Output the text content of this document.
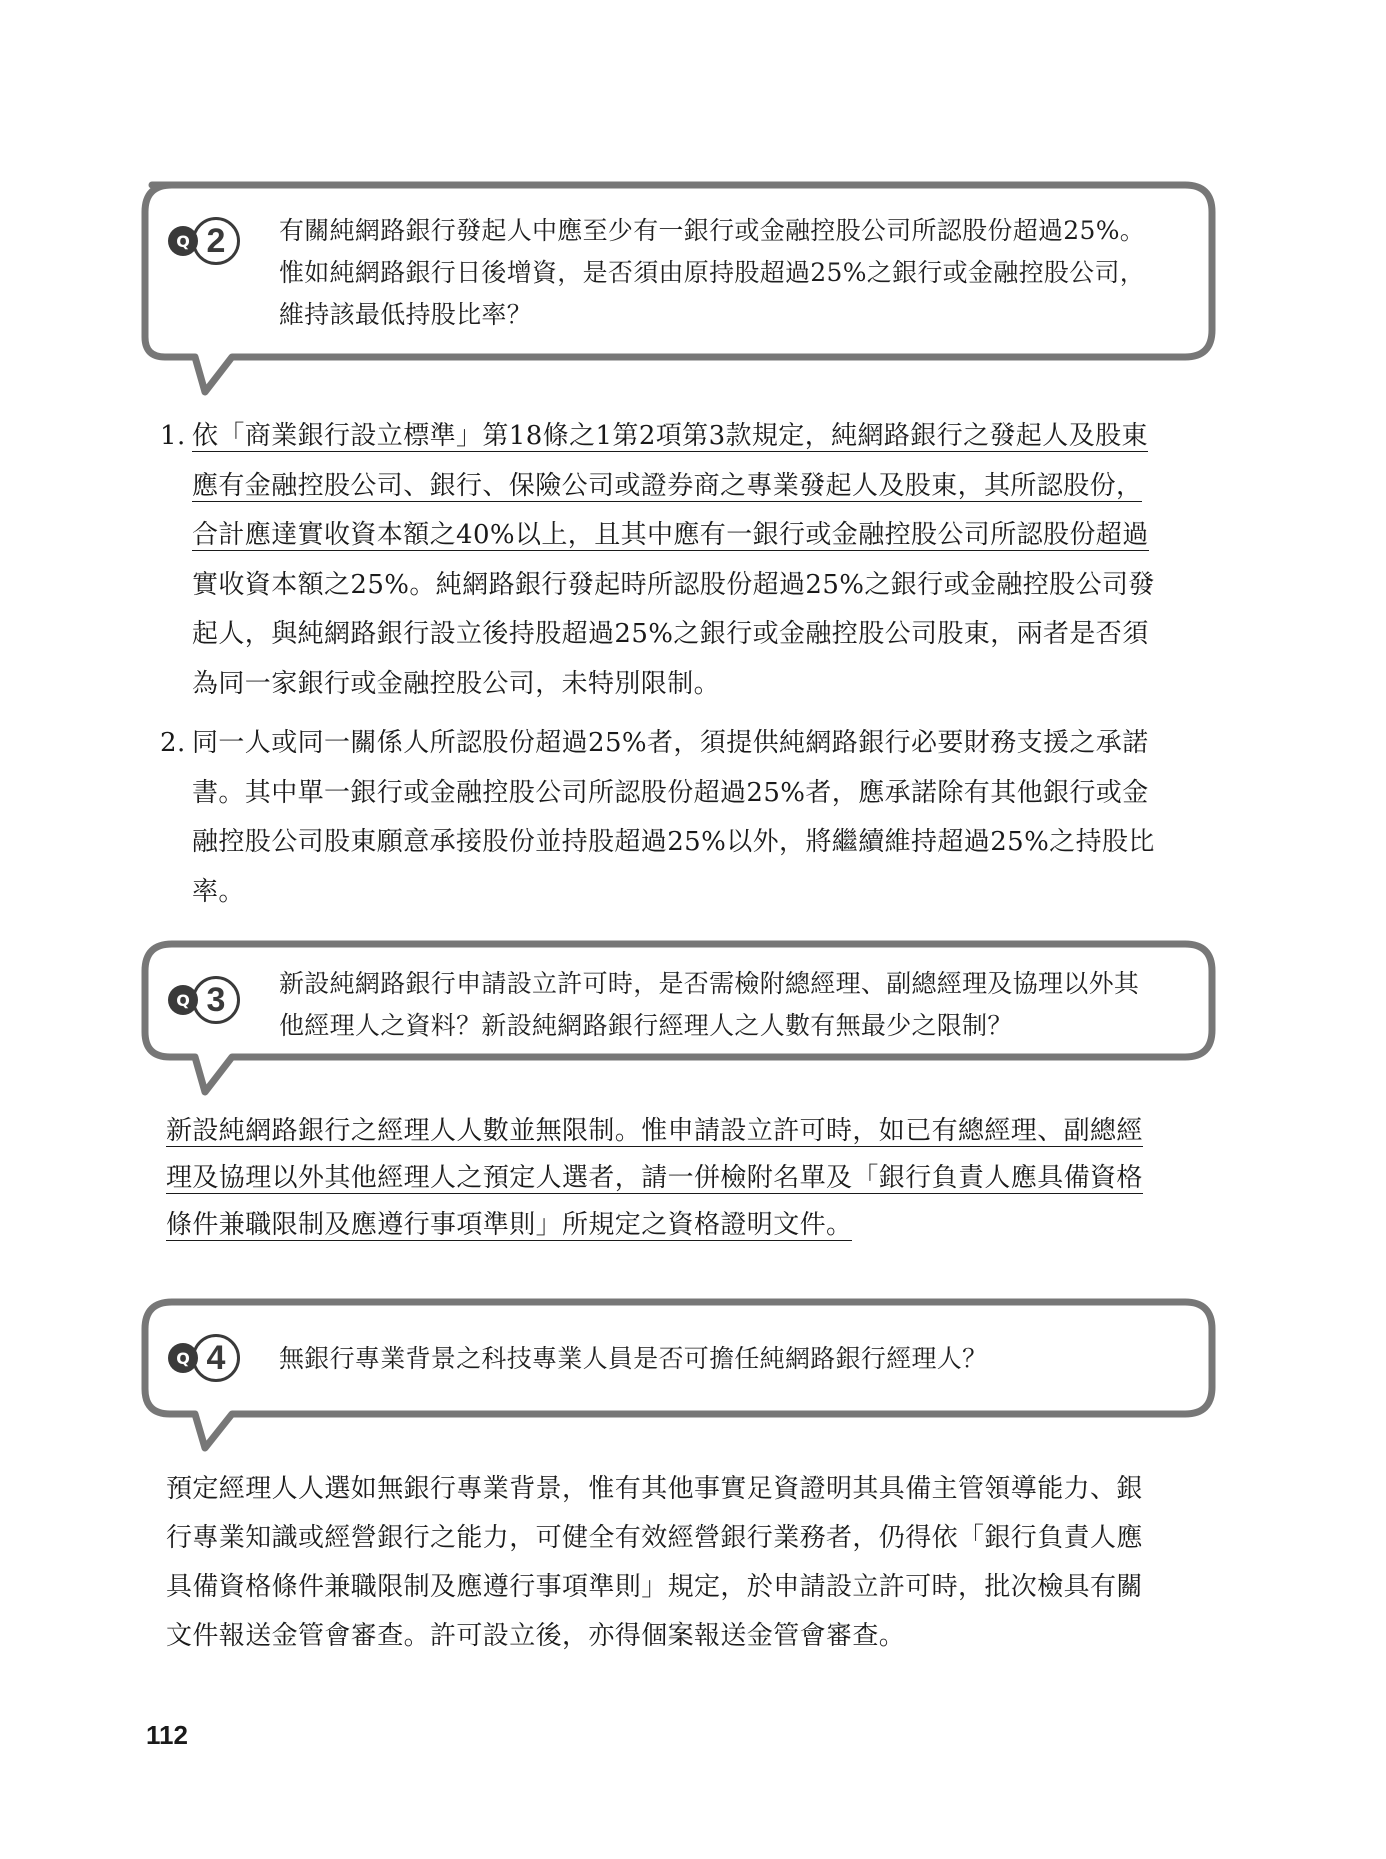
Q 2	有關純網路銀行發起人中應至少有一銀行或金融控股公司所認股份超過25%。
惟如純網路銀行日後增資，是否須由原持股超過25%之銀行或金融控股公司，
維持該最低持股比率？
1. 依「商業銀行設立標準」第18條之1第2項第3款規定，純網路銀行之發起人及股東

應有金融控股公司、銀行、保險公司或證券商之專業發起人及股東，其所認股份，

合計應達實收資本額之40%以上，且其中應有一銀行或金融控股公司所認股份超過

實收資本額之25%。純網路銀行發起時所認股份超過25%之銀行或金融控股公司發

起人，與純網路銀行設立後持股超過25%之銀行或金融控股公司股東，兩者是否須

為同一家銀行或金融控股公司，未特別限制。

2. 同一人或同一關係人所認股份超過25%者，須提供純網路銀行必要財務支援之承諾

書。其中單一銀行或金融控股公司所認股份超過25%者，應承諾除有其他銀行或金

融控股公司股東願意承接股份並持股超過25%以外，將繼續維持超過25%之持股比

率。

Q 3	新設純網路銀行申請設立許可時，是否需檢附總經理、副總經理及協理以外其
他經理人之資料？新設純網路銀行經理人之人數有無最少之限制？

新設純網路銀行之經理人人數並無限制。惟申請設立許可時，如已有總經理、副總經

理及協理以外其他經理人之預定人選者，請一併檢附名單及「銀行負責人應具備資格

條件兼職限制及應遵行事項準則」所規定之資格證明文件。

Q 4	無銀行專業背景之科技專業人員是否可擔任純網路銀行經理人？

預定經理人人選如無銀行專業背景，惟有其他事實足資證明其具備主管領導能力、銀

行專業知識或經營銀行之能力，可健全有效經營銀行業務者，仍得依「銀行負責人應

具備資格條件兼職限制及應遵行事項準則」規定，於申請設立許可時，批次檢具有關

文件報送金管會審查。許可設立後，亦得個案報送金管會審查。

112
